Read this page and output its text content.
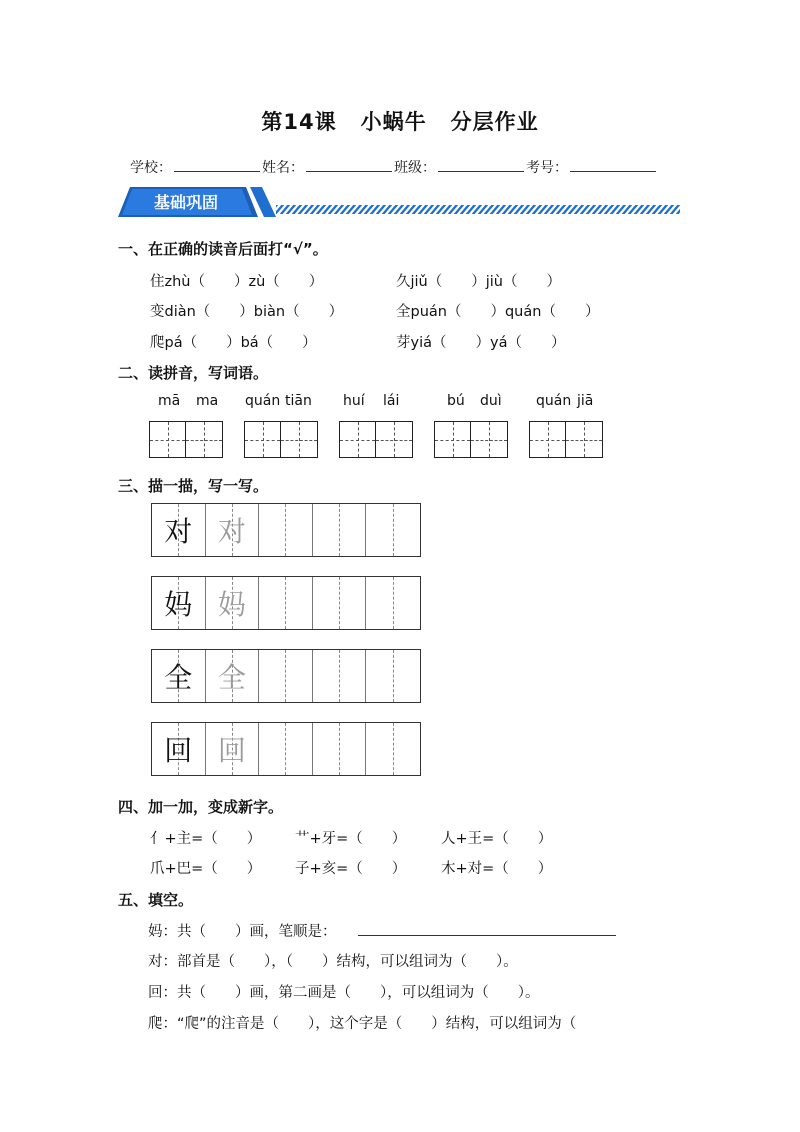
第14课 小蜗牛 分层作业
学校：	姓名：	班级：	考号：
基础巩固
一、在正确的读音后面打“√”。
住zhù（　　）zù（　　）	久jiǔ（　　）jiù（　　）
变diàn（　　）biàn（　　）	全puán（　　）quán（　　）
爬pá（　　）bá（　　）	芽yiá（　　）yá（　　）
二、读拼音，写词语。
mā ma quán tiān huí lái	bú duì quán jiā
三、描一描，写一写。
对 对
妈 妈
全 全
回 回
四、加一加，变成新字。
亻+主=（　　） 艹+牙=（　　） 人+王=（　　）
爪+巴=（　　） 子+亥=（　　） 木+对=（　　）
五、填空。
妈：共（　　）画，笔顺是：
对：部首是（　　），（　　）结构，可以组词为（　　）。
回：共（　　）画，第二画是（　　），可以组词为（　　）。
爬：“爬”的注音是（　　），这个字是（　　）结构，可以组词为（
